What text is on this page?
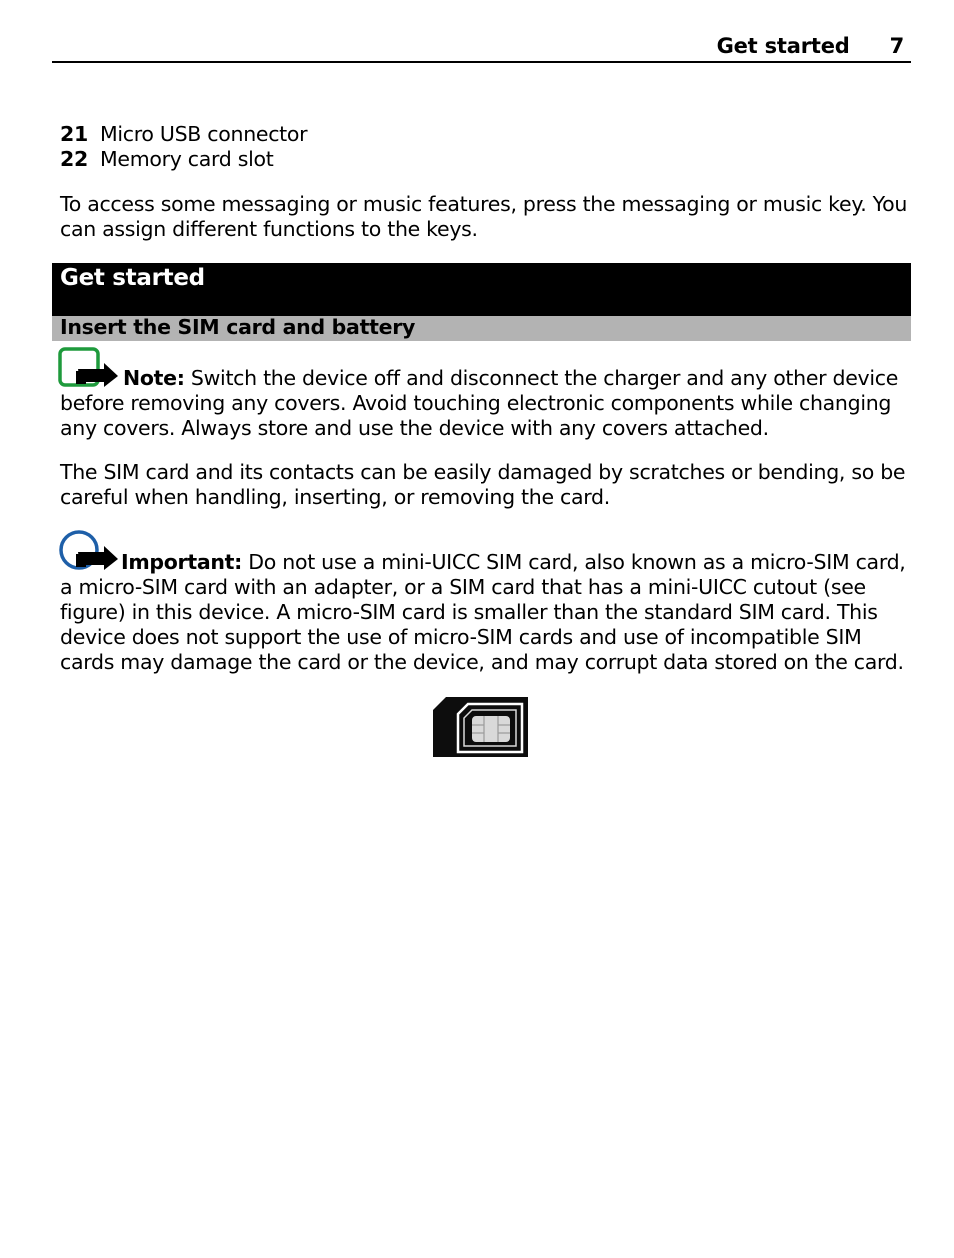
Get started 7
21 Micro USB connector
22 Memory card slot
To access some messaging or music features, press the messaging or music key. You can assign different functions to the keys.
Get started
Insert the SIM card and battery
Note: Switch the device off and disconnect the charger and any other device before removing any covers. Avoid touching electronic components while changing any covers. Always store and use the device with any covers attached.
The SIM card and its contacts can be easily damaged by scratches or bending, so be careful when handling, inserting, or removing the card.
Important: Do not use a mini-UICC SIM card, also known as a micro-SIM card, a micro-SIM card with an adapter, or a SIM card that has a mini-UICC cutout (see figure) in this device. A micro-SIM card is smaller than the standard SIM card. This device does not support the use of micro-SIM cards and use of incompatible SIM cards may damage the card or the device, and may corrupt data stored on the card.
